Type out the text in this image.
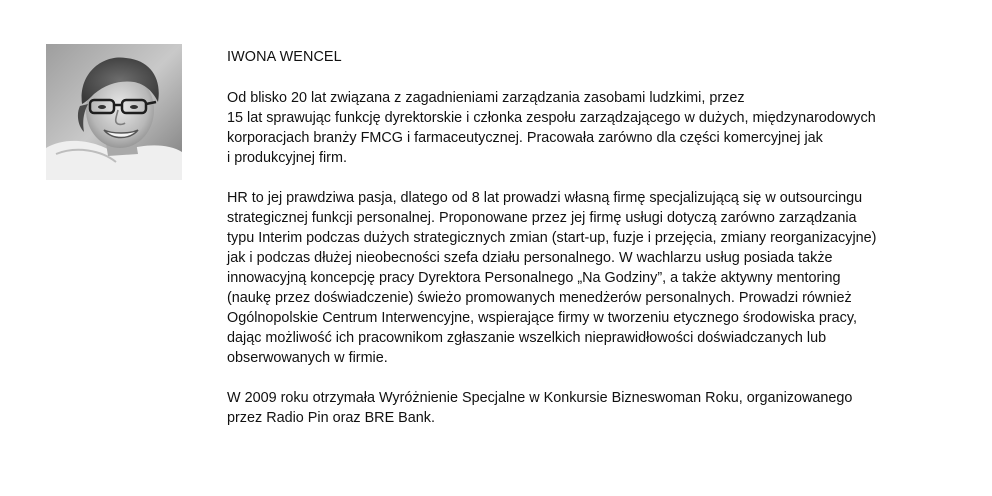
IWONA WENCEL

Od blisko 20 lat związana z zagadnieniami zarządzania zasobami ludzkimi, przez
15 lat sprawując funkcję dyrektorskie i członka zespołu zarządzającego w dużych, międzynarodowych
korporacjach branży FMCG i farmaceutycznej. Pracowała zarówno dla części komercyjnej jak
i produkcyjnej firm.

HR to jej prawdziwa pasja, dlatego od 8 lat prowadzi własną firmę specjalizującą się w outsourcingu
strategicznej funkcji personalnej. Proponowane przez jej firmę usługi dotyczą zarówno zarządzania
typu Interim podczas dużych strategicznych zmian (start-up, fuzje i przejęcia, zmiany reorganizacyjne)
jak i podczas dłużej nieobecności szefa działu personalnego. W wachlarzu usług posiada także
innowacyjną koncepcję pracy Dyrektora Personalnego „Na Godziny”, a także aktywny mentoring
(naukę przez doświadczenie) świeżo promowanych menedżerów personalnych. Prowadzi również
Ogólnopolskie Centrum Interwencyjne, wspierające firmy w tworzeniu etycznego środowiska pracy,
dając możliwość ich pracownikom zgłaszanie wszelkich nieprawidłowości doświadczanych lub
obserwowanych w firmie.

W 2009 roku otrzymała Wyróżnienie Specjalne w Konkursie Bizneswoman Roku, organizowanego
przez Radio Pin oraz BRE Bank.
